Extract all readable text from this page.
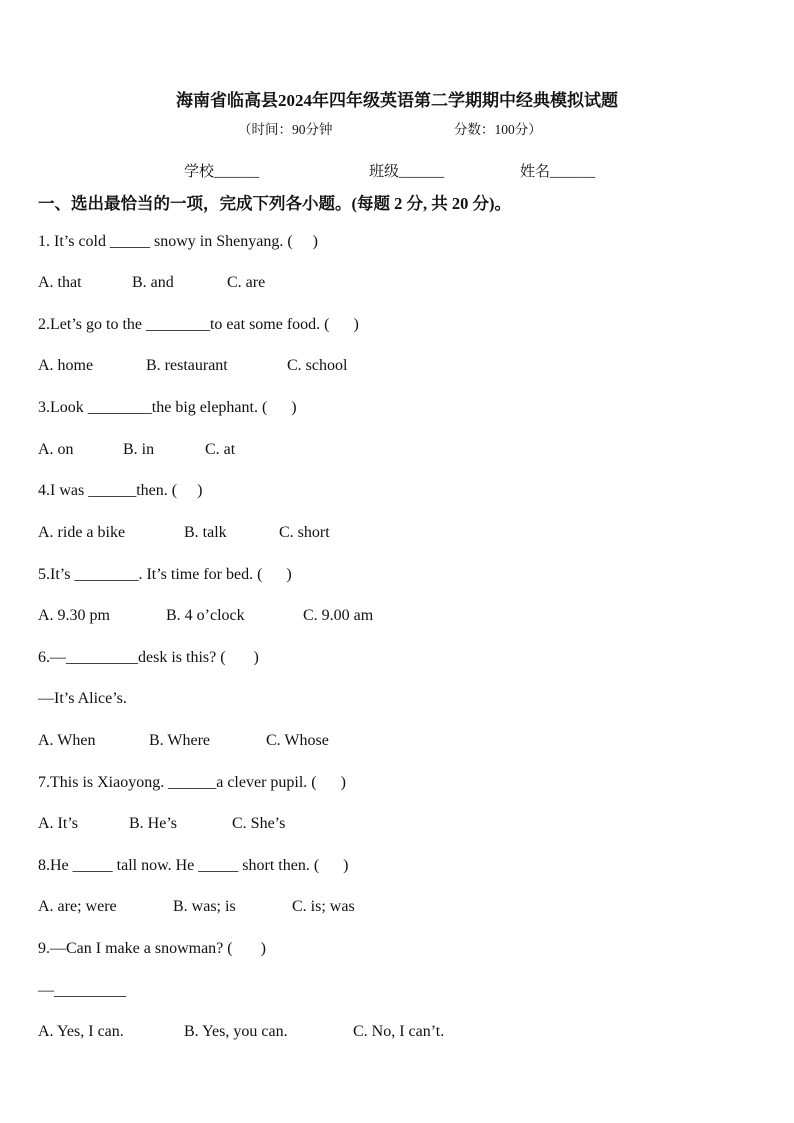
海南省临高县2024年四年级英语第二学期期中经典模拟试题
（时间：90分钟	分数：100分）
学校______	班级______	姓名______
一、选出最恰当的一项，完成下列各小题。(每题 2 分, 共 20 分)。
1. It’s cold _____ snowy in Shenyang. (     )
A. that	B. and	C. are
2.Let’s go to the ________to eat some food. (      )
A. home	B. restaurant	C. school
3.Look ________the big elephant. (      )
A. on	B. in	C. at
4.I was ______then. (     )
A. ride a bike	B. talk	C. short
5.It’s ________. It’s time for bed. (      )
A. 9.30 pm	B. 4 o’clock	C. 9.00 am
6.—_________desk is this? (       )
—It’s Alice’s.
A. When	B. Where	C. Whose
7.This is Xiaoyong. ______a clever pupil. (      )
A. It’s	B. He’s	C. She’s
8.He _____ tall now. He _____ short then. (      )
A. are; were	B. was; is	C. is; was
9.—Can I make a snowman? (       )
—_________
A. Yes, I can.	B. Yes, you can.	C. No, I can’t.
